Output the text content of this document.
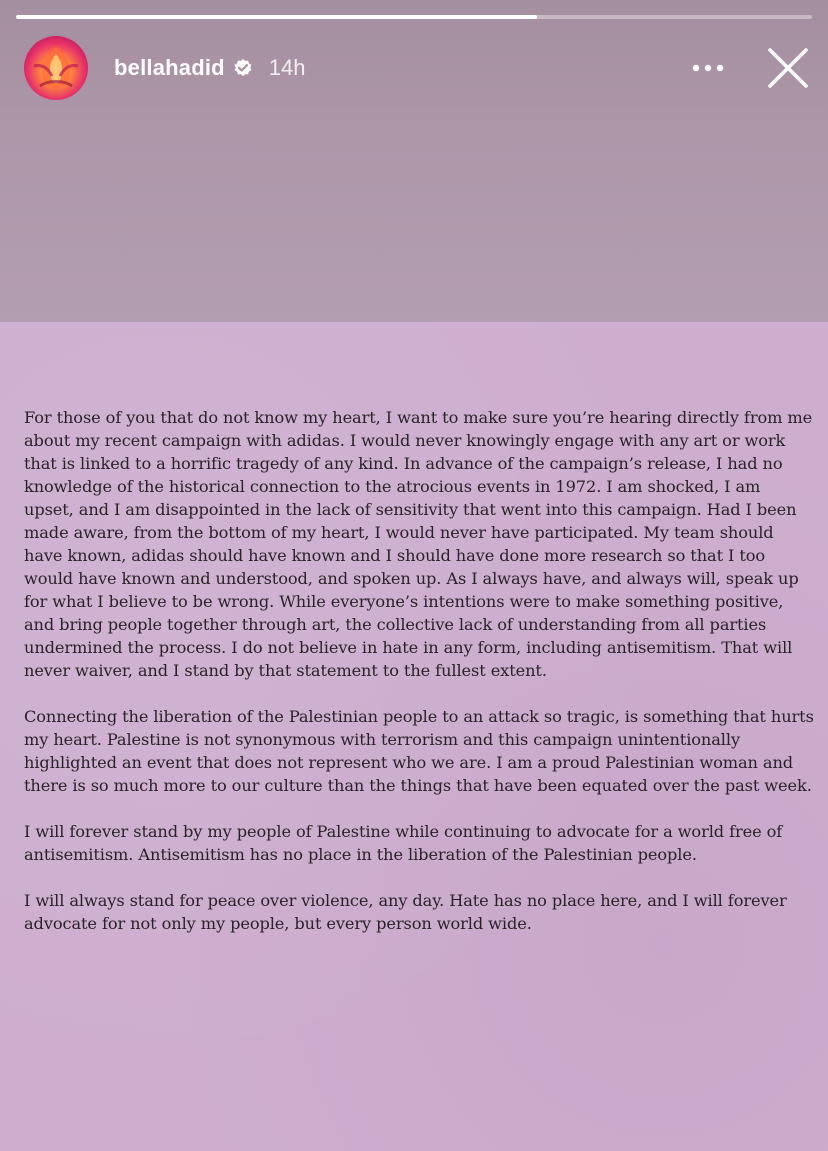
bellahadid 14h

For those of you that do not know my heart, I want to make sure you’re hearing directly from me about my recent campaign with adidas. I would never knowingly engage with any art or work that is linked to a horrific tragedy of any kind. In advance of the campaign’s release, I had no knowledge of the historical connection to the atrocious events in 1972. I am shocked, I am upset, and I am disappointed in the lack of sensitivity that went into this campaign. Had I been made aware, from the bottom of my heart, I would never have participated. My team should have known, adidas should have known and I should have done more research so that I too would have known and understood, and spoken up. As I always have, and always will, speak up for what I believe to be wrong. While everyone’s intentions were to make something positive, and bring people together through art, the collective lack of understanding from all parties undermined the process. I do not believe in hate in any form, including antisemitism. That will never waiver, and I stand by that statement to the fullest extent.

Connecting the liberation of the Palestinian people to an attack so tragic, is something that hurts my heart. Palestine is not synonymous with terrorism and this campaign unintentionally highlighted an event that does not represent who we are. I am a proud Palestinian woman and there is so much more to our culture than the things that have been equated over the past week.

I will forever stand by my people of Palestine while continuing to advocate for a world free of antisemitism. Antisemitism has no place in the liberation of the Palestinian people.

I will always stand for peace over violence, any day. Hate has no place here, and I will forever advocate for not only my people, but every person world wide.
